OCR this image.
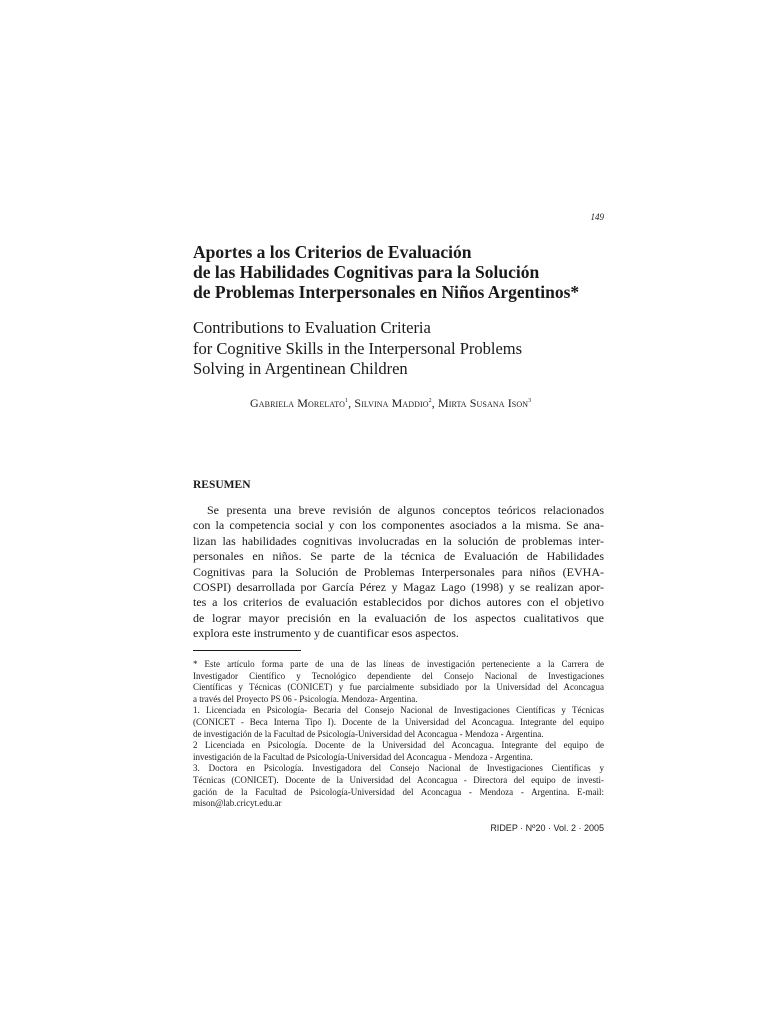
149
Aportes a los Criterios de Evaluación
de las Habilidades Cognitivas para la Solución
de Problemas Interpersonales en Niños Argentinos*
Contributions to Evaluation Criteria
for Cognitive Skills in the Interpersonal Problems
Solving in Argentinean Children
Gabriela Morelato$^1$, Silvina Maddio$^2$, Mirta Susana Ison$^3$
RESUMEN
Se presenta una breve revisión de algunos conceptos teóricos relacionados
con la competencia social y con los componentes asociados a la misma. Se ana-
lizan las habilidades cognitivas involucradas en la solución de problemas inter-
personales en niños. Se parte de la técnica de Evaluación de Habilidades
Cognitivas para la Solución de Problemas Interpersonales para niños (EVHA-
COSPI) desarrollada por García Pérez y Magaz Lago (1998) y se realizan apor-
tes a los criterios de evaluación establecidos por dichos autores con el objetivo
de lograr mayor precisión en la evaluación de los aspectos cualitativos que
explora este instrumento y de cuantificar esos aspectos.
* Este artículo forma parte de una de las líneas de investigación perteneciente a la Carrera de
Investigador Científico y Tecnológico dependiente del Consejo Nacional de Investigaciones
Científicas y Técnicas (CONICET) y fue parcialmente subsidiado por la Universidad del Aconcagua
a través del Proyecto PS 06 - Psicología. Mendoza- Argentina.
1. Licenciada en Psicología- Becaria del Consejo Nacional de Investigaciones Científicas y Técnicas
(CONICET - Beca Interna Tipo I). Docente de la Universidad del Aconcagua. Integrante del equipo
de investigación de la Facultad de Psicología-Universidad del Aconcagua - Mendoza - Argentina.
2 Licenciada en Psicología. Docente de la Universidad del Aconcagua. Integrante del equipo de
investigación de la Facultad de Psicología-Universidad del Aconcagua - Mendoza - Argentina.
3. Doctora en Psicología. Investigadora del Consejo Nacional de Investigaciones Científicas y
Técnicas (CONICET). Docente de la Universidad del Aconcagua - Directora del equipo de investi-
gación de la Facultad de Psicología-Universidad del Aconcagua - Mendoza - Argentina. E-mail:
mison@lab.cricyt.edu.ar
RIDEP · Nº20 · Vol. 2 · 2005
